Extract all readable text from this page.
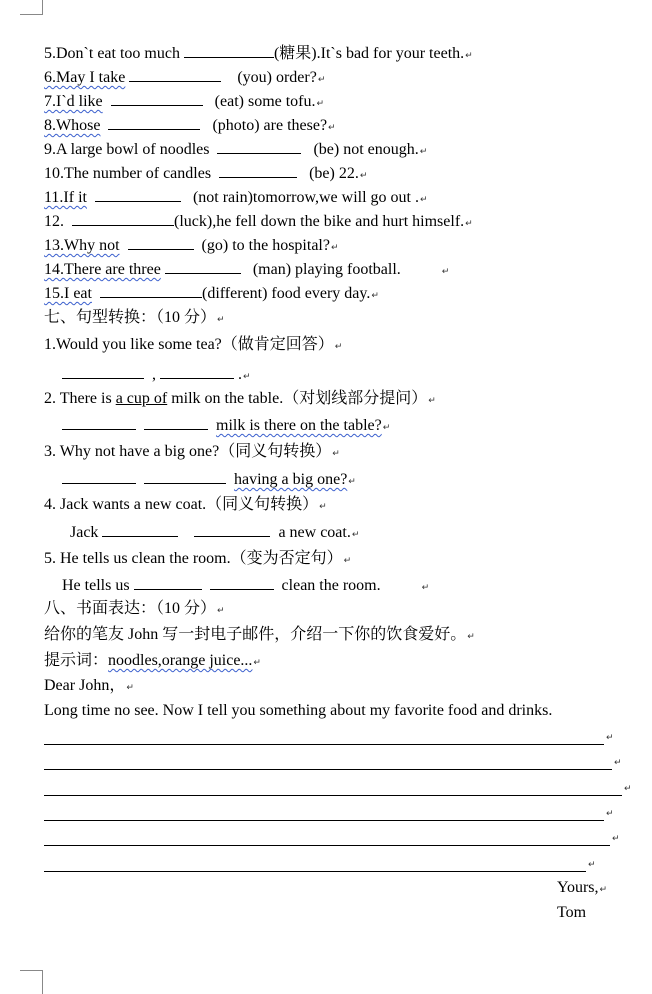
5.Don`t eat too much	(糖果).It`s bad for your teeth.↵
6.May I take	(you) order?↵
7.I`d like	(eat) some tofu.↵
8.Whose	(photo) are these?↵
9.A large bowl of noodles	(be) not enough.↵
10.The number of candles	(be) 22.↵
11.If it	(not rain)tomorrow,we will go out .↵
12.	(luck),he fell down the bike and hurt himself.↵
13.Why not	(go) to the hospital?↵
14.There are three	(man) playing football.	↵
15.I eat	(different) food every day.↵
七、句型转换：（10 分）↵
1.Would you like some tea?（做肯定回答）↵
,	.↵
2. There is a cup of milk on the table.（对划线部分提问）↵
milk is there on the table?↵
3. Why not have a big one?（同义句转换）↵
having a big one?↵
4. Jack wants a new coat.（同义句转换）↵
Jack	a new coat.↵
5. He tells us clean the room.（变为否定句）↵
He tells us	clean the room.	↵
八、书面表达：（10 分）↵
给你的笔友 John 写一封电子邮件，介绍一下你的饮食爱好。↵
提示词：noodles,orange juice...↵
Dear John，↵
Long time no see. Now I tell you something about my favorite food and drinks.
↵
↵
↵
↵
↵
↵
Yours,↵
Tom
